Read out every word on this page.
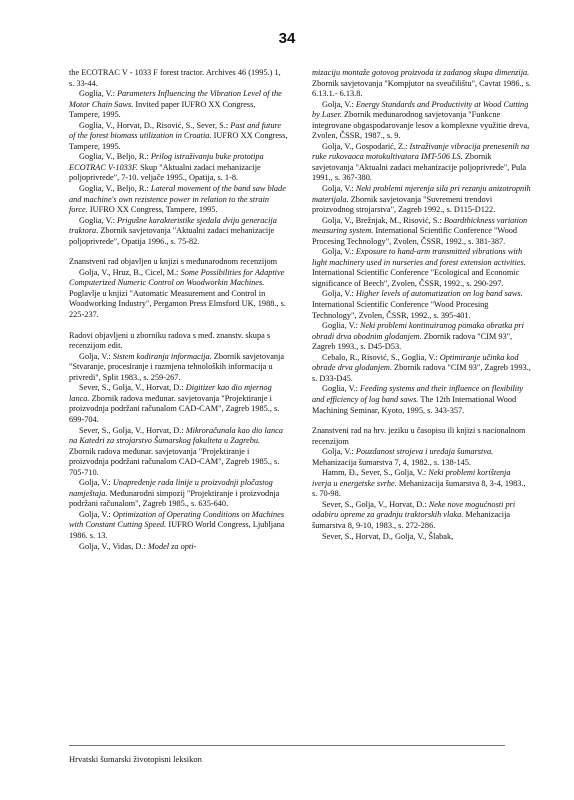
34

the ECOTRAC V - 1033 F forest tractor. Archives 46 (1995.) 1, s. 33-44.

Goglia, V.: Parameters Influencing the Vibration Level of the Motor Chain Saws. Invited paper IUFRO XX Congress, Tampere, 1995.

Goglia, V., Horvat, D., Risović, S., Sever, S.: Past and future of the forest biomass utilization in Croatia. IUFRO XX Congress, Tampere, 1995.

Goglia, V., Beljo, R.: Prilog istraživanju buke prototipa ECOTRAC V-1033F. Skup "Aktualni zadaci mehanizacije poljoprivrede", 7-10. veljače 1995., Opatija, s. 1-8.

Goglia, V., Beljo, R.: Lateral movement of the band saw blade and machine's own rezistence power in relation to the strain force. IUFRO XX Congress, Tampere, 1995.

Goglia, V.: Prigušne karakteristike sjedala dviju generacija traktora. Zbornik savjetovanja "Aktualni zadaci mehanizacije poljoprivrede", Opatija 1996., s. 75-82.

Znanstveni rad objavljen u knjizi s međunarodnom recenzijom

Golja, V., Hruz, B., Cicel, M.: Some Possibilities for Adaptive Computerized Numeric Control on Woodworkin Machines. Poglavlje u knjizi "Automatic Measurement and Control in Woodworking Industry", Pergamon Press Elmsford UK, 1988., s. 225-237.

Radovi objavljeni u zborniku radova s međ. znanstv. skupa s recenzijom edit.

Golja, V.: Sistem kodiranja informacija. Zbornik savjetovanja "Stvaranje, procesiranje i razmjena tehnoloških informacija u privredi", Split 1983., s. 259-267.

Sever, S., Golja, V., Horvat, D.: Digitizer kao dio mjernog lanca. Zbornik radova međunar. savjetovanja "Projektiranje i proizvodnja podržani računalom CAD-CAM", Zagreb 1985., s. 699-704.

Sever, S., Golja, V., Horvat, D.: Mikroračunala kao dio lanca na Katedri za strojarstvo Šumarskog fakulteta u Zagrebu. Zbornik radova međunar. savjetovanja "Projektiranje i proizvodnja podržani računalom CAD-CAM", Zagreb 1985., s. 705-710.

Golja, V.: Unapređenje rada linije u proizvodnji pločastog namještaja. Međunarodni simpozij "Projektiranje i proizvodnja podržani računalom", Zagreb 1985., s. 635-640.

Golja, V.: Optimization of Operating Conditions on Machines with Constant Cutting Speed. IUFRO World Congress, Ljubljana 1986. s. 13.

Golja, V., Vidas, D.: Model za opti-

mizaciju montaže gotovog proizvoda iz zadanog skupa dimenzija. Zbornik savjetovanja "Kompjutor na sveučilištu", Cavtat 1986., s. 6.13.1.- 6.13.8.

Golja, V.: Energy Standards and Productivity at Wood Cutting by Laser. Zbornik međunarodnog savjetovanja "Funkcne integrovane obgaspodarovanje lesov a komplexne využitie dreva, Zvolen, ČSSR, 1987., s. 9.

Golja, V., Gospodarić, Z.: Istraživanje vibracija prenesenih na ruke rukovaoca motokultivatora IMT-506 LS. Zbornik savjetovanja "Aktualni zadaci mehanizacije poljoprivrede", Pula 1991., s. 367-380.

Golja, V.: Neki problemi mjerenja sila pri rezanju anizotropnih materijala. Zbornik savjetovanja "Suvremeni trendovi proizvodnog strojarstva", Zagreb 1992., s. D115-D122.

Golja, V., Brežnjak, M., Risović, S.: Boardthickness variation measuring system. International Scientific Conference "Wood Procesing Technology", Zvolen, ČSSR, 1992., s. 381-387.

Golja, V.: Exposure to hand-arm transmitted vibrations with light machinery used in nurseries and forest extension activities. International Scientific Conference "Ecological and Economic significance of Beech", Zvolen, ČSSR, 1992., s. 290-297.

Golja, V.: Higher levels of automatization on log band saws. International Scientific Conference "Wood Procesing Technology", Zvolen, ČSSR, 1992., s. 395-401.

Goglia, V.: Neki problemi kontinuiranog pomaka obratka pri obradi drva obodnim glodanjem. Zbornik radova "CIM 93", Zagreb 1993., s. D45-D53.

Cebalo, R., Risović, S., Goglia, V.: Optimiranje učinka kod obrade drva glodanjem. Zbornik radova "CIM 93", Zagreb 1993., s. D33-D45.

Goglia, V.: Feeding systems and their influence on flexibility and efficiency of log band saws. The 12th International Wood Machining Seminar, Kyoto, 1995, s. 343-357.

Znanstveni rad na hrv. jeziku u časopisu ili knjizi s nacionalnom recenzijom

Golja, V.: Pouzdanost strojeva i uređaja šumarstva. Mehanizacija šumarstva 7, 4, 1982., s. 138-145.

Hamm, Đ., Sever, S., Golja, V.: Neki problemi korištenja iverja u energetske svrhe. Mehanizacija šumarstva 8, 3-4, 1983., s. 70-98.

Sever, S., Golja, V., Horvat, D.: Neke nove mogućnosti pri odabiru opreme za gradnju traktorskih vlaka. Mehanizacija šumarstva 8, 9-10, 1983., s. 272-286.

Sever, S., Horvat, D., Golja, V., Šlabak,

Hrvatski šumarski životopisni leksikon
